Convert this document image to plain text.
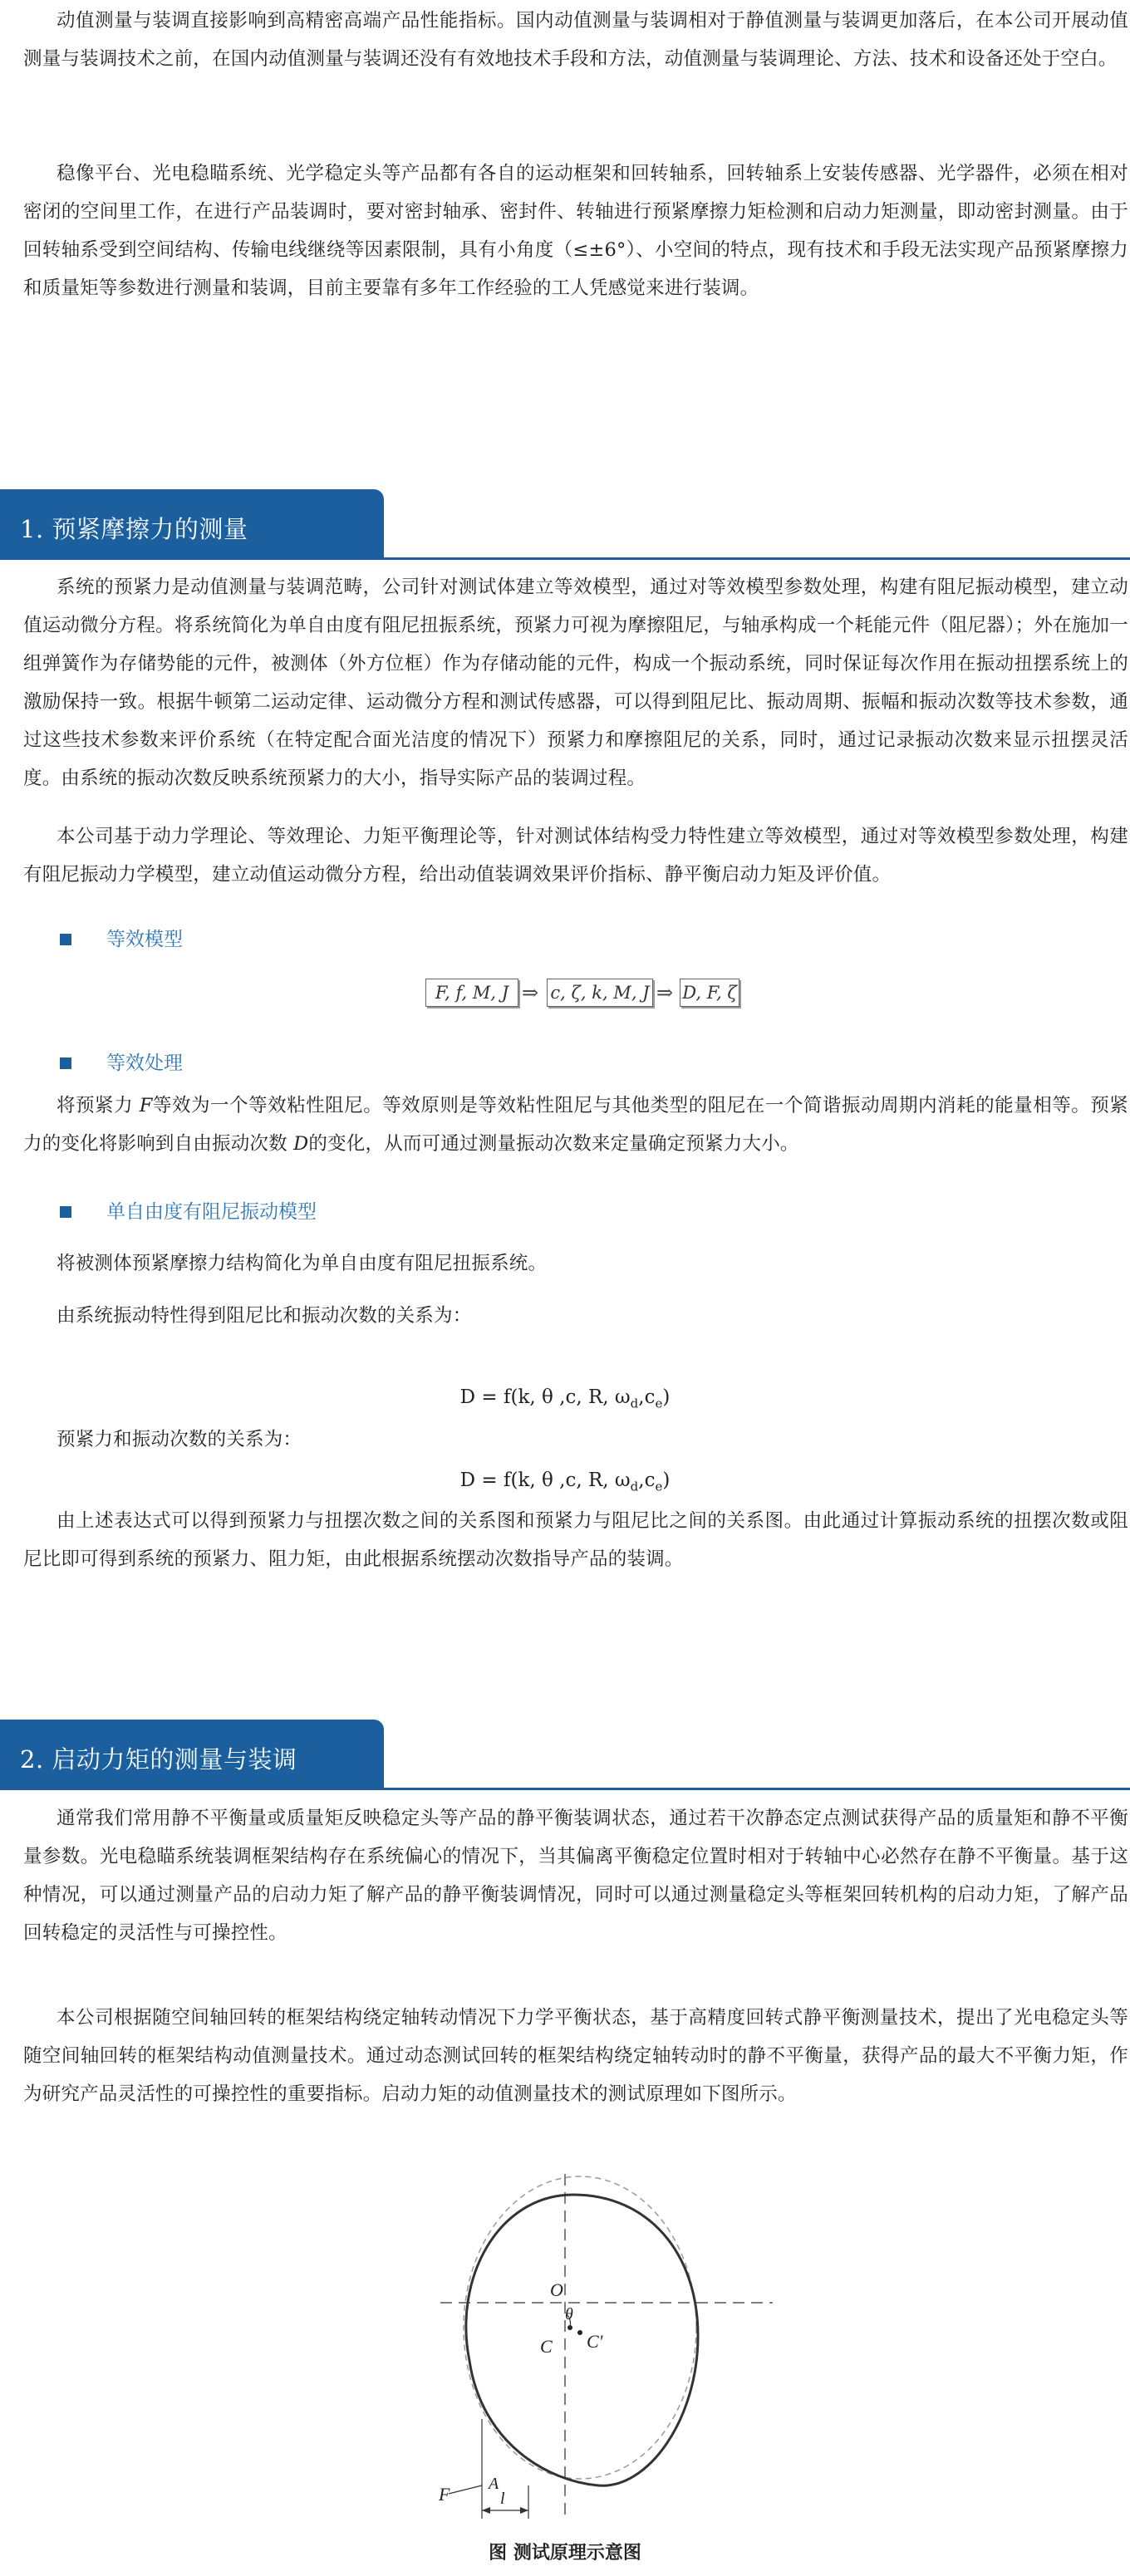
动值测量与装调直接影响到高精密高端产品性能指标。国内动值测量与装调相对于静值测量与装调更加落后，在本公司开展动值测量与装调技术之前，在国内动值测量与装调还没有有效地技术手段和方法，动值测量与装调理论、方法、技术和设备还处于空白。

稳像平台、光电稳瞄系统、光学稳定头等产品都有各自的运动框架和回转轴系，回转轴系上安装传感器、光学器件，必须在相对密闭的空间里工作，在进行产品装调时，要对密封轴承、密封件、转轴进行预紧摩擦力矩检测和启动力矩测量，即动密封测量。由于回转轴系受到空间结构、传输电线继绕等因素限制，具有小角度（≤±6°）、小空间的特点，现有技术和手段无法实现产品预紧摩擦力和质量矩等参数进行测量和装调，目前主要靠有多年工作经验的工人凭感觉来进行装调。

1. 预紧摩擦力的测量

系统的预紧力是动值测量与装调范畴，公司针对测试体建立等效模型，通过对等效模型参数处理，构建有阻尼振动模型，建立动值运动微分方程。将系统简化为单自由度有阻尼扭振系统，预紧力可视为摩擦阻尼，与轴承构成一个耗能元件（阻尼器）；外在施加一组弹簧作为存储势能的元件，被测体（外方位框）作为存储动能的元件，构成一个振动系统，同时保证每次作用在振动扭摆系统上的激励保持一致。根据牛顿第二运动定律、运动微分方程和测试传感器，可以得到阻尼比、振动周期、振幅和振动次数等技术参数，通过这些技术参数来评价系统（在特定配合面光洁度的情况下）预紧力和摩擦阻尼的关系，同时，通过记录振动次数来显示扭摆灵活度。由系统的振动次数反映系统预紧力的大小，指导实际产品的装调过程。

本公司基于动力学理论、等效理论、力矩平衡理论等，针对测试体结构受力特性建立等效模型，通过对等效模型参数处理，构建有阻尼振动力学模型，建立动值运动微分方程，给出动值装调效果评价指标、静平衡启动力矩及评价值。

等效模型
F, f, M, J ⇒ c, ζ, k, M, J ⇒ D, F, ζ
等效处理

将预紧力 F等效为一个等效粘性阻尼。等效原则是等效粘性阻尼与其他类型的阻尼在一个简谐振动周期内消耗的能量相等。预紧力的变化将影响到自由振动次数 D的变化，从而可通过测量振动次数来定量确定预紧力大小。

单自由度有阻尼振动模型

将被测体预紧摩擦力结构简化为单自由度有阻尼扭振系统。

由系统振动特性得到阻尼比和振动次数的关系为：

D = f(k, θ ,c, R, $\omega_d,c_e$)

预紧力和振动次数的关系为：

D = f(k, θ ,c, R, $\omega_d,c_e$)

由上述表达式可以得到预紧力与扭摆次数之间的关系图和预紧力与阻尼比之间的关系图。由此通过计算振动系统的扭摆次数或阻尼比即可得到系统的预紧力、阻力矩，由此根据系统摆动次数指导产品的装调。

2. 启动力矩的测量与装调

通常我们常用静不平衡量或质量矩反映稳定头等产品的静平衡装调状态，通过若干次静态定点测试获得产品的质量矩和静不平衡量参数。光电稳瞄系统装调框架结构存在系统偏心的情况下，当其偏离平衡稳定位置时相对于转轴中心必然存在静不平衡量。基于这种情况，可以通过测量产品的启动力矩了解产品的静平衡装调情况，同时可以通过测量稳定头等框架回转机构的启动力矩，了解产品回转稳定的灵活性与可操控性。

本公司根据随空间轴回转的框架结构绕定轴转动情况下力学平衡状态，基于高精度回转式静平衡测量技术，提出了光电稳定头等随空间轴回转的框架结构动值测量技术。通过动态测试回转的框架结构绕定轴转动时的静不平衡量，获得产品的最大不平衡力矩，作为研究产品灵活性的可操控性的重要指标。启动力矩的动值测量技术的测试原理如下图所示。

O
θ
C C'
F A
l
图 测试原理示意图
